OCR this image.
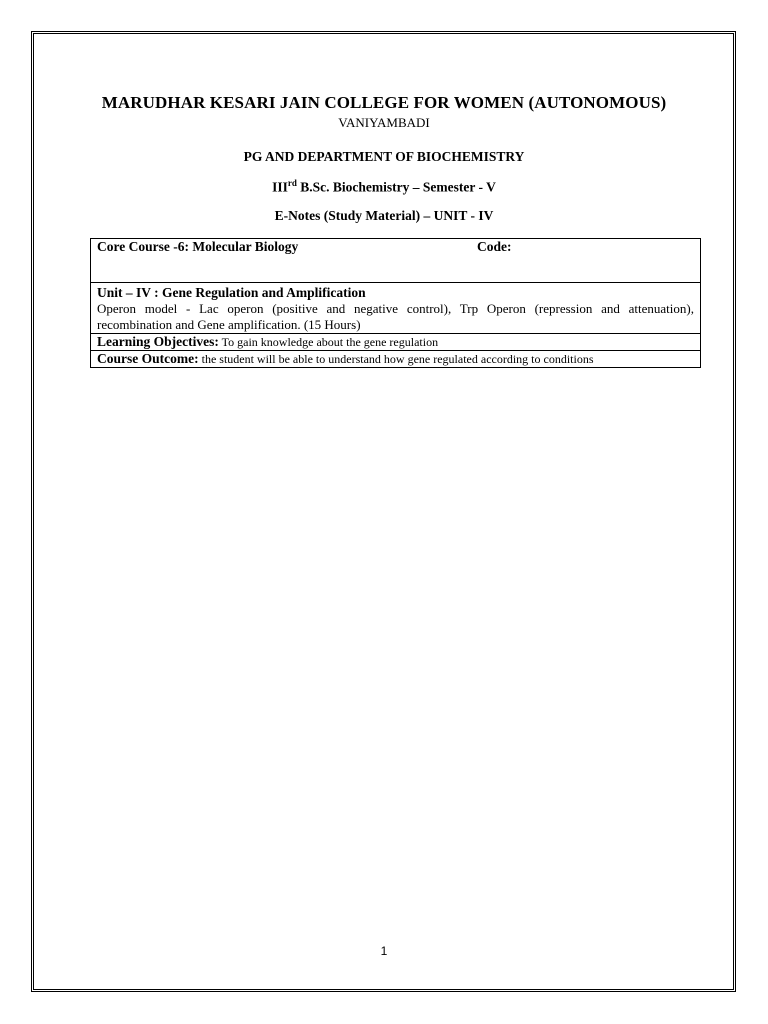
MARUDHAR KESARI JAIN COLLEGE FOR WOMEN (AUTONOMOUS)
VANIYAMBADI
PG AND DEPARTMENT OF BIOCHEMISTRY
IIIrd B.Sc. Biochemistry – Semester - V
E-Notes (Study Material) – UNIT - IV
Core Course -6: Molecular Biology	Code:

Unit – IV : Gene Regulation and Amplification
Operon model - Lac operon (positive and negative control), Trp Operon (repression and attenuation), recombination and Gene amplification. (15 Hours)

Learning Objectives: To gain knowledge about the gene regulation
Course Outcome: the student will be able to understand how gene regulated according to conditions
1
